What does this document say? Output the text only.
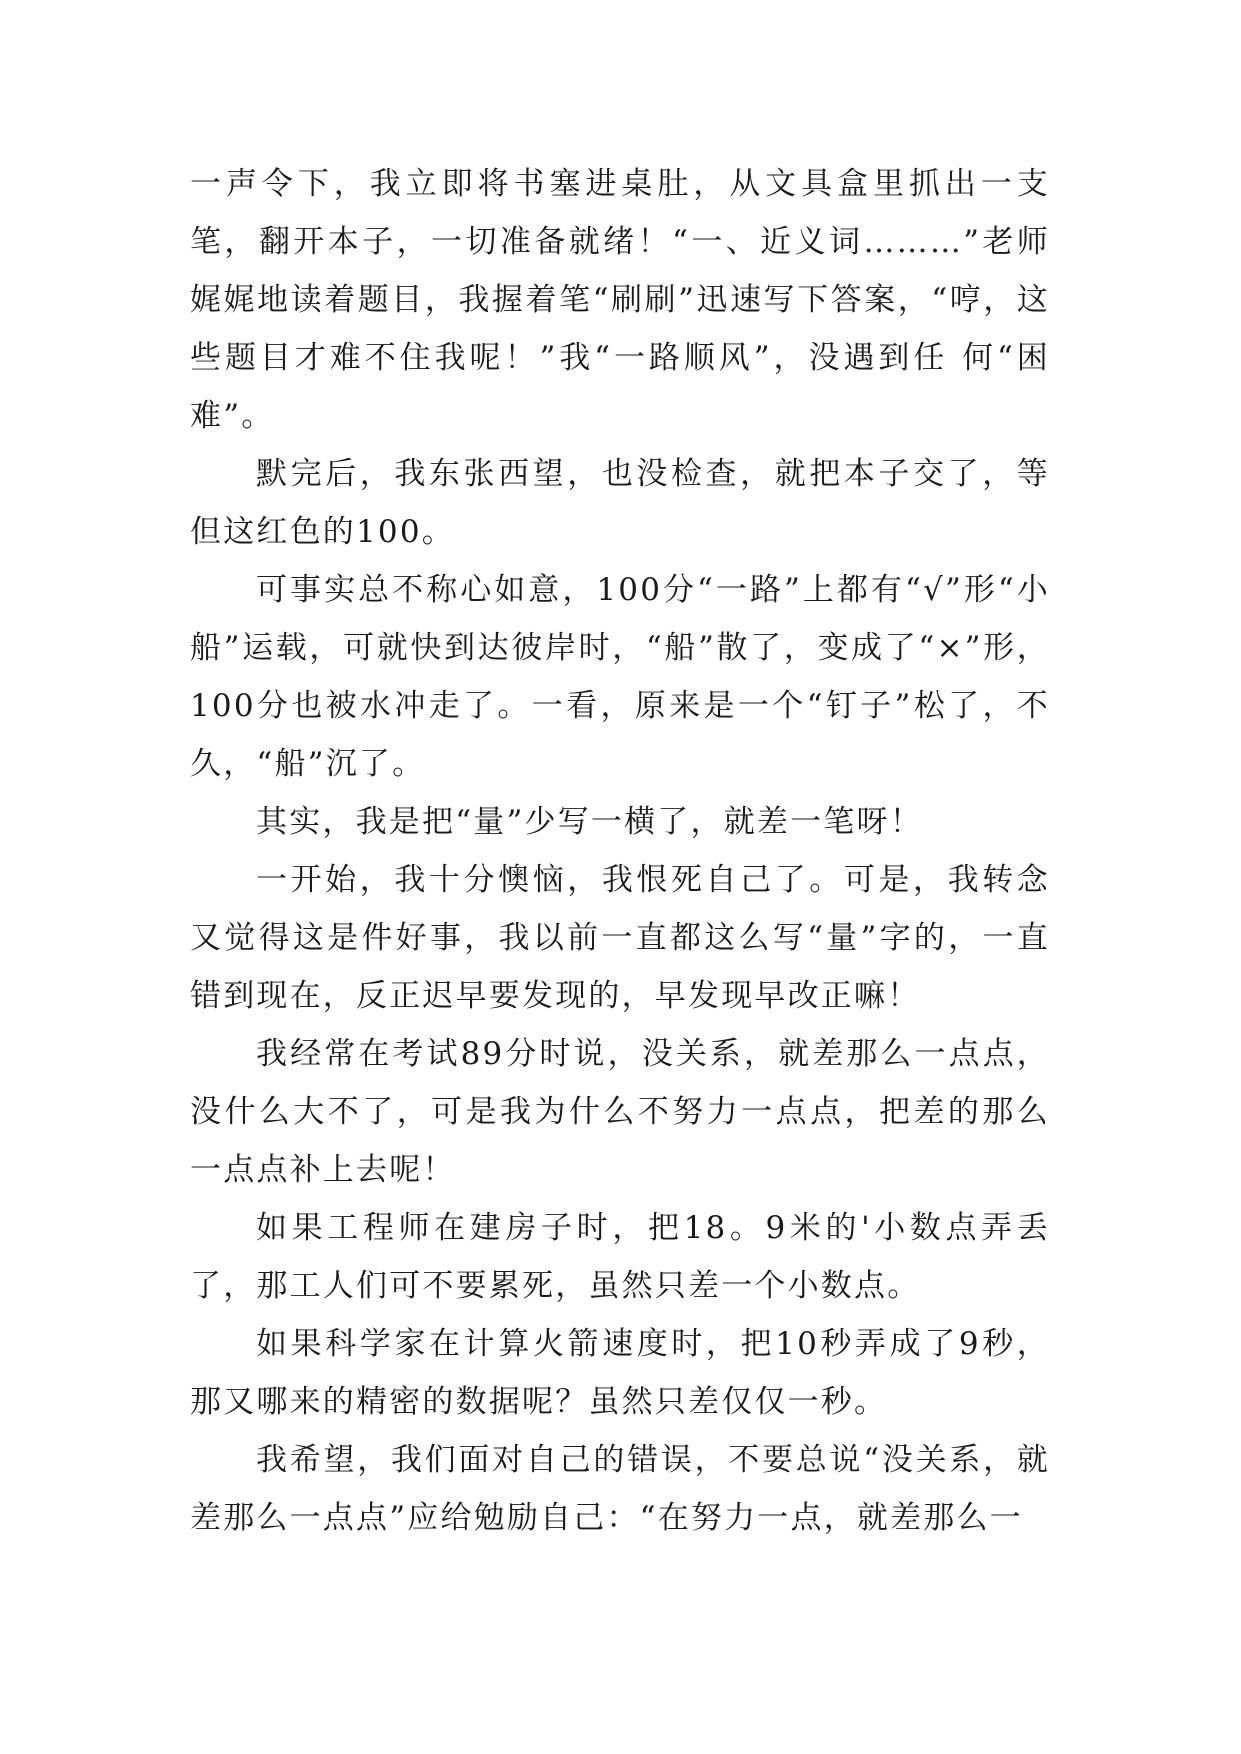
一声令下，我立即将书塞进桌肚，从文具盒里抓出一支笔，翻开本子，一切准备就绪！“一、近义词………”老师娓娓地读着题目，我握着笔“刷刷”迅速写下答案，“哼，这些题目才难不住我呢！”我“一路顺风”，没遇到任 何“困难”。

默完后，我东张西望，也没检查，就把本子交了，等但这红色的100。

可事实总不称心如意，100分“一路”上都有“√”形“小船”运载，可就快到达彼岸时，“船”散了，变成了“×”形，100分也被水冲走了。一看，原来是一个“钉子”松了，不久，“船”沉了。

其实，我是把“量”少写一横了，就差一笔呀！

一开始，我十分懊恼，我恨死自己了。可是，我转念又觉得这是件好事，我以前一直都这么写“量”字的，一直错到现在，反正迟早要发现的，早发现早改正嘛！

我经常在考试89分时说，没关系，就差那么一点点，没什么大不了，可是我为什么不努力一点点，把差的那么一点点补上去呢！

如果工程师在建房子时，把18。9米的'小数点弄丢了，那工人们可不要累死，虽然只差一个小数点。

如果科学家在计算火箭速度时，把10秒弄成了9秒，那又哪来的精密的数据呢？虽然只差仅仅一秒。

我希望，我们面对自己的错误，不要总说“没关系，就差那么一点点”应给勉励自己：“在努力一点，就差那么一
